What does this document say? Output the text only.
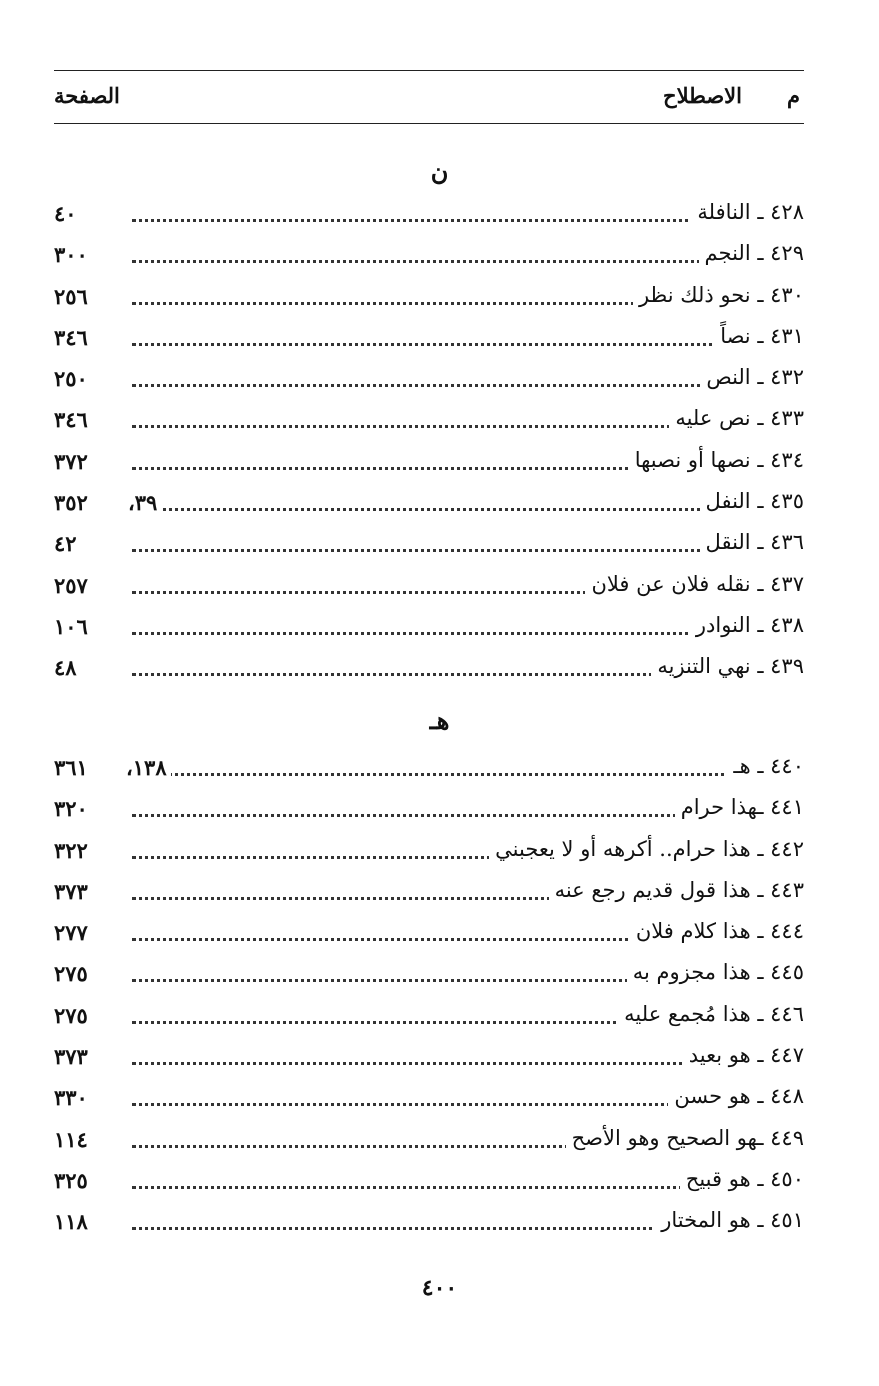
م
الاصطلاح
الصفحة
ن
٤٢٨ ـ النافلة
٤٠
٤٢٩ ـ النجم
٣٠٠
٤٣٠ ـ نحو ذلك نظر
٢٥٦
٤٣١ ـ نصاً
٣٤٦
٤٣٢ ـ النص
٢٥٠
٤٣٣ ـ نص عليه
٣٤٦
٤٣٤ ـ نصها أو نصبها
٣٧٢
٤٣٥ ـ النفل
٣٩،
٣٥٢
٤٣٦ ـ النقل
٤٢
٤٣٧ ـ نقله فلان عن فلان
٢٥٧
٤٣٨ ـ النوادر
١٠٦
٤٣٩ ـ نهي التنزيه
٤٨
هـ
٤٤٠ ـ هـ
١٣٨،
٣٦١
٤٤١ ـهذا حرام
٣٢٠
٤٤٢ ـ هذا حرام.. أكرهه أو لا يعجبني
٣٢٢
٤٤٣ ـ هذا قول قديم رجع عنه
٣٧٣
٤٤٤ ـ هذا كلام فلان
٢٧٧
٤٤٥ ـ هذا مجزوم به
٢٧٥
٤٤٦ ـ هذا مُجمع عليه
٢٧٥
٤٤٧ ـ هو بعيد
٣٧٣
٤٤٨ ـ هو حسن
٣٣٠
٤٤٩ ـهو الصحيح وهو الأصح
١١٤
٤٥٠ ـ هو قبيح
٣٢٥
٤٥١ ـ هو المختار
١١٨
٤٠٠
